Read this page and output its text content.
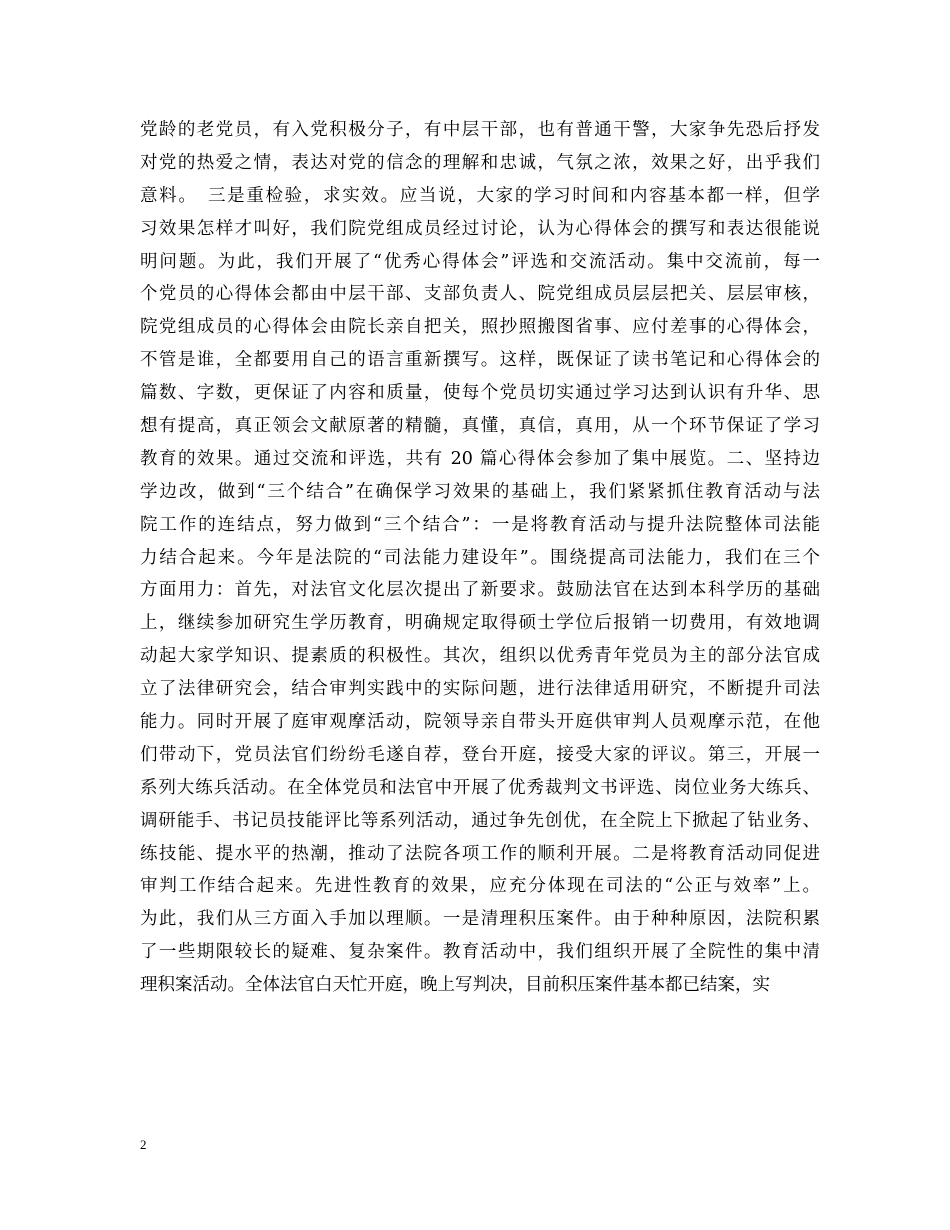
党龄的老党员，有入党积极分子，有中层干部，也有普通干警，大家争先恐后抒发
对党的热爱之情，表达对党的信念的理解和忠诚，气氛之浓，效果之好，出乎我们
意料。　三是重检验，求实效。应当说，大家的学习时间和内容基本都一样，但学
习效果怎样才叫好，我们院党组成员经过讨论，认为心得体会的撰写和表达很能说
明问题。为此，我们开展了“优秀心得体会”评选和交流活动。集中交流前，每一
个党员的心得体会都由中层干部、支部负责人、院党组成员层层把关、层层审核，
院党组成员的心得体会由院长亲自把关，照抄照搬图省事、应付差事的心得体会，
不管是谁，全都要用自己的语言重新撰写。这样，既保证了读书笔记和心得体会的
篇数、字数，更保证了内容和质量，使每个党员切实通过学习达到认识有升华、思
想有提高，真正领会文献原著的精髓，真懂，真信，真用，从一个环节保证了学习
教育的效果。通过交流和评选，共有 20 篇心得体会参加了集中展览。二、坚持边
学边改，做到“三个结合”在确保学习效果的基础上，我们紧紧抓住教育活动与法
院工作的连结点，努力做到“三个结合”：一是将教育活动与提升法院整体司法能
力结合起来。今年是法院的“司法能力建设年”。围绕提高司法能力，我们在三个
方面用力：首先，对法官文化层次提出了新要求。鼓励法官在达到本科学历的基础
上，继续参加研究生学历教育，明确规定取得硕士学位后报销一切费用，有效地调
动起大家学知识、提素质的积极性。其次，组织以优秀青年党员为主的部分法官成
立了法律研究会，结合审判实践中的实际问题，进行法律适用研究，不断提升司法
能力。同时开展了庭审观摩活动，院领导亲自带头开庭供审判人员观摩示范，在他
们带动下，党员法官们纷纷毛遂自荐，登台开庭，接受大家的评议。第三，开展一
系列大练兵活动。在全体党员和法官中开展了优秀裁判文书评选、岗位业务大练兵、
调研能手、书记员技能评比等系列活动，通过争先创优，在全院上下掀起了钻业务、
练技能、提水平的热潮，推动了法院各项工作的顺利开展。二是将教育活动同促进
审判工作结合起来。先进性教育的效果，应充分体现在司法的“公正与效率”上。
为此，我们从三方面入手加以理顺。一是清理积压案件。由于种种原因，法院积累
了一些期限较长的疑难、复杂案件。教育活动中，我们组织开展了全院性的集中清
理积案活动。全体法官白天忙开庭，晚上写判决，目前积压案件基本都已结案，实
2
